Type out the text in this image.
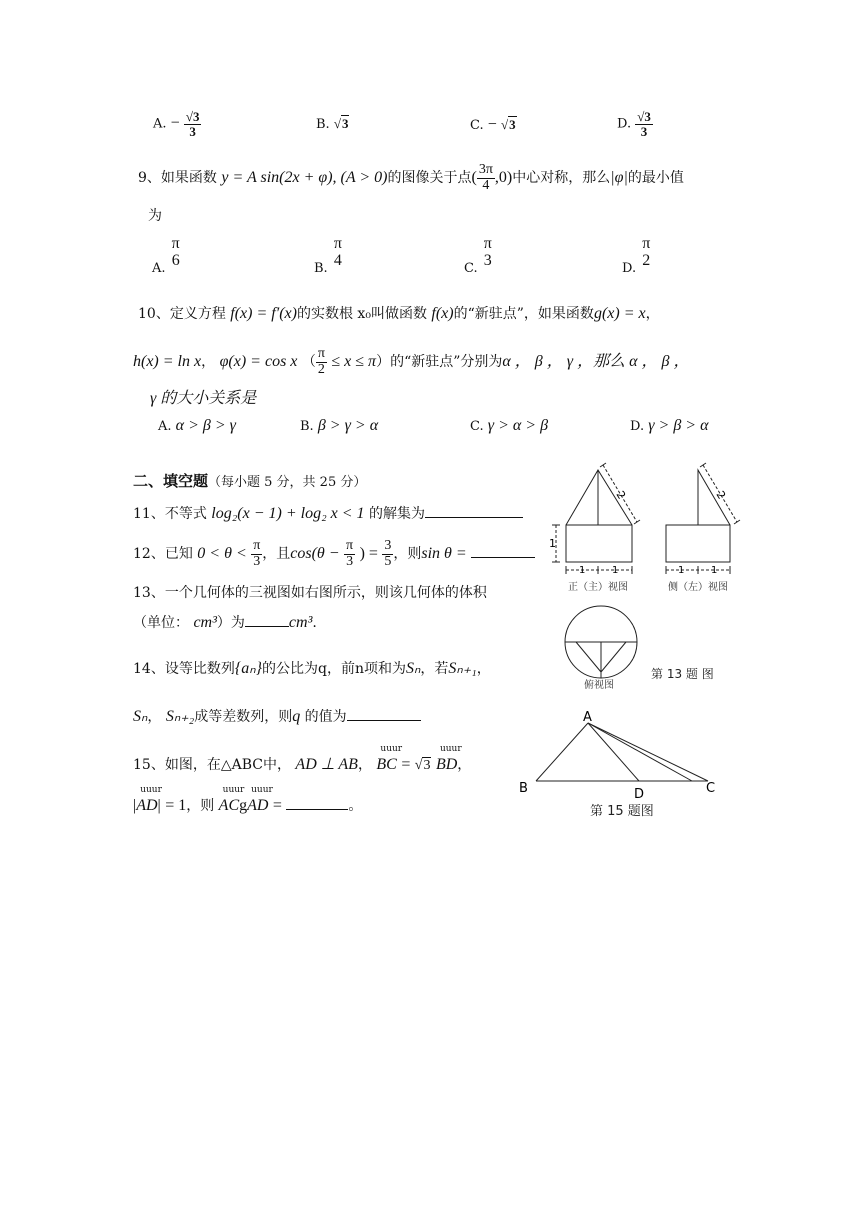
A. − $\frac{√3}{3}$	B. √3	C. − √3	D. $\frac{√3}{3}$
9、如果函数 y = A sin(2x + φ), (A > 0)的图像关于点( $\frac{3\pi}{4} ,0$)中心对称，那么|φ|的最小值
为
A.
π
6	B.
π
4	C.
π
3	D.
π
2
10、定义方程 f(x) = f′(x)的实数根 x₀叫做函数 f(x)的“新驻点”，如果函数g(x) = x，
h(x) = ln x， φ(x) = cos x （ $\frac{\pi}{2} \le x \le \pi$）的“新驻点”分别为α ， β ， γ ，那么 α ， β ，
γ 的大小关系是
A. α > β > γ	B. β > γ > α	C. γ > α > β	D. γ > β > α
二、填空题（每小题 5 分，共 25 分）
11、不等式 log₂(x − 1) + log₂ x < 1 的解集为
12、已知 $0 < \theta < \frac{\pi}{3}$ ，且$\cos(\theta - \frac{\pi}{3}$ ) = $\frac{3}{5}$ ，则sin θ =
13、一个几何体的三视图如右图所示，则该几何体的体积
（单位： cm³）为	cm³.
14、设等比数列{aₙ}的公比为q，前n项和为Sₙ，若Sₙ₊₁，
Sₙ， Sₙ₊₂成等差数列，则q 的值为
15、如图，在△ABC中， AD ⊥ AB，
uuur
BC = √3
uuur
BD，
|
uuur
AD| = 1，则
uuur
ACg
uuur
AD =	。
2
1
1	1
正（主）视图
2
1	1
侧（左）视图
俯视图
第 13 题 图
A
B	C
D
第 15 题图
